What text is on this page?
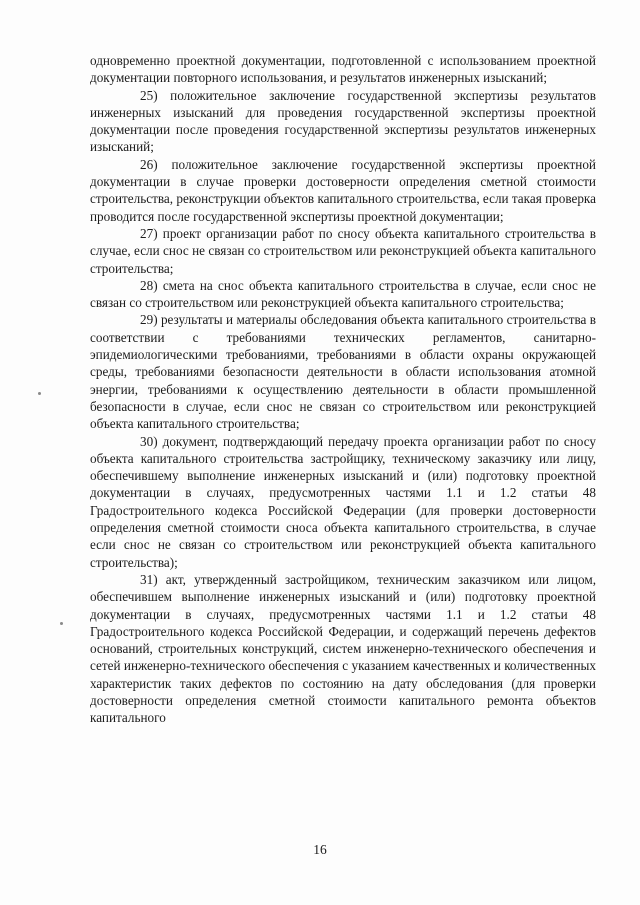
одновременно проектной документации, подготовленной с использованием проектной документации повторного использования, и результатов инженерных изысканий;

25) положительное заключение государственной экспертизы результатов инженерных изысканий для проведения государственной экспертизы проектной документации после проведения государственной экспертизы результатов инженерных изысканий;

26) положительное заключение государственной экспертизы проектной документации в случае проверки достоверности определения сметной стоимости строительства, реконструкции объектов капитального строительства, если такая проверка проводится после государственной экспертизы проектной документации;

27) проект организации работ по сносу объекта капитального строительства в случае, если снос не связан со строительством или реконструкцией объекта капитального строительства;

28) смета на снос объекта капитального строительства в случае, если снос не связан со строительством или реконструкцией объекта капитального строительства;

29) результаты и материалы обследования объекта капитального строительства в соответствии с требованиями технических регламентов, санитарно-эпидемиологическими требованиями, требованиями в области охраны окружающей среды, требованиями безопасности деятельности в области использования атомной энергии, требованиями к осуществлению деятельности в области промышленной безопасности в случае, если снос не связан со строительством или реконструкцией объекта капитального строительства;

30) документ, подтверждающий передачу проекта организации работ по сносу объекта капитального строительства застройщику, техническому заказчику или лицу, обеспечившему выполнение инженерных изысканий и (или) подготовку проектной документации в случаях, предусмотренных частями 1.1 и 1.2 статьи 48 Градостроительного кодекса Российской Федерации (для проверки достоверности определения сметной стоимости сноса объекта капитального строительства, в случае если снос не связан со строительством или реконструкцией объекта капитального строительства);

31) акт, утвержденный застройщиком, техническим заказчиком или лицом, обеспечившем выполнение инженерных изысканий и (или) подготовку проектной документации в случаях, предусмотренных частями 1.1 и 1.2 статьи 48 Градостроительного кодекса Российской Федерации, и содержащий перечень дефектов оснований, строительных конструкций, систем инженерно-технического обеспечения и сетей инженерно-технического обеспечения с указанием качественных и количественных характеристик таких дефектов по состоянию на дату обследования (для проверки достоверности определения сметной стоимости капитального ремонта объектов капитального

16
